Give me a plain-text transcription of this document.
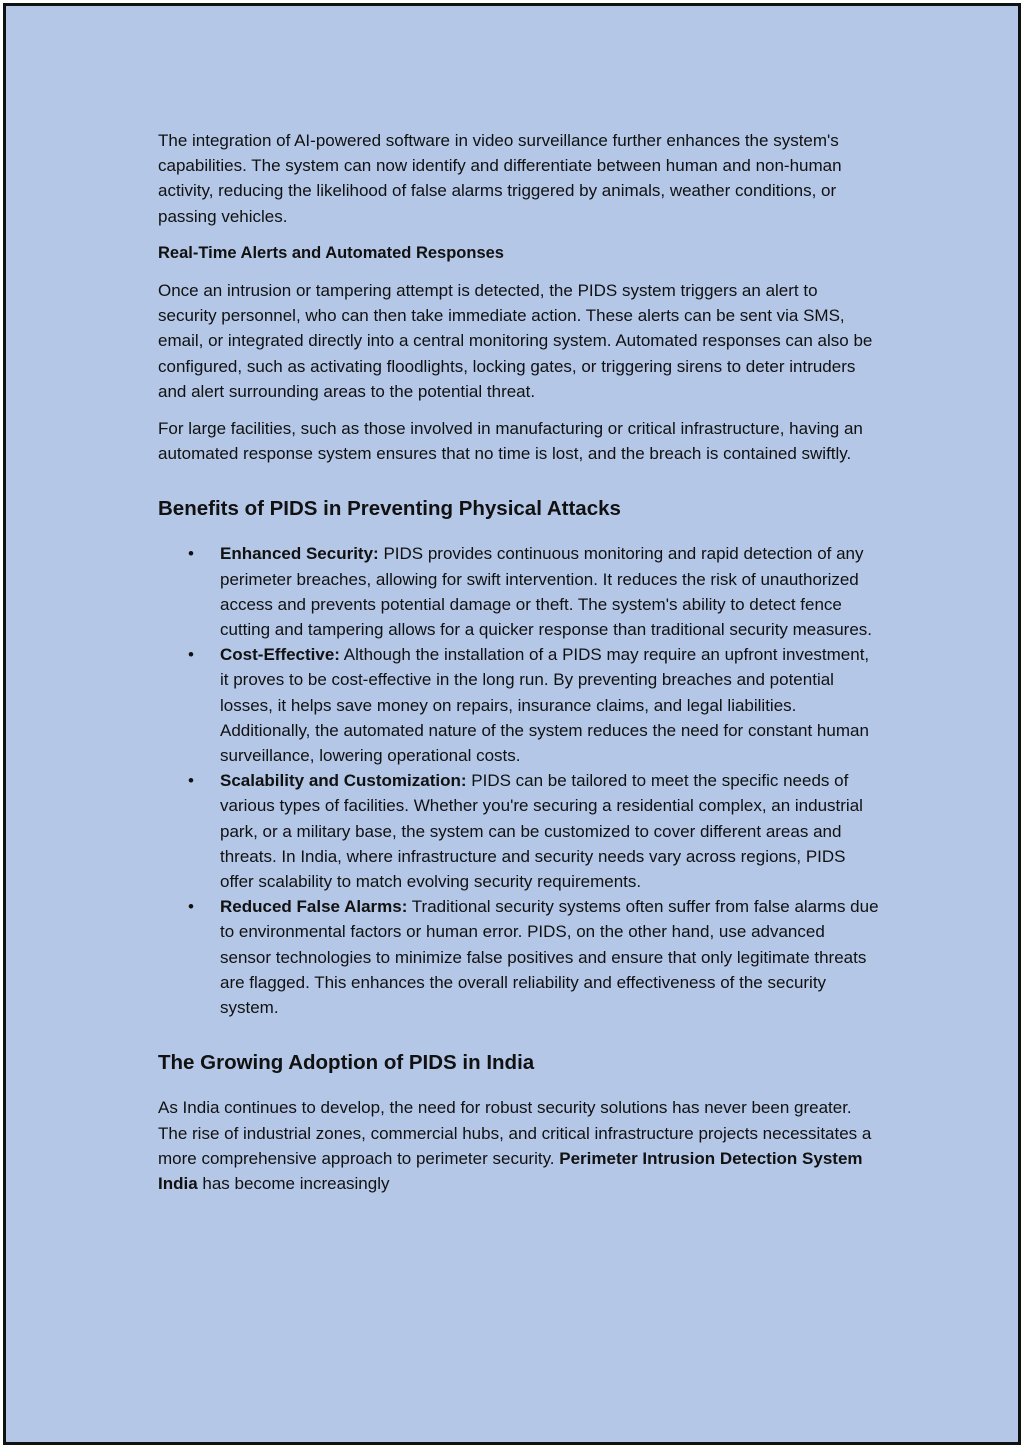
The integration of AI-powered software in video surveillance further enhances the system's capabilities. The system can now identify and differentiate between human and non-human activity, reducing the likelihood of false alarms triggered by animals, weather conditions, or passing vehicles.

Real-Time Alerts and Automated Responses

Once an intrusion or tampering attempt is detected, the PIDS system triggers an alert to security personnel, who can then take immediate action. These alerts can be sent via SMS, email, or integrated directly into a central monitoring system. Automated responses can also be configured, such as activating floodlights, locking gates, or triggering sirens to deter intruders and alert surrounding areas to the potential threat.

For large facilities, such as those involved in manufacturing or critical infrastructure, having an automated response system ensures that no time is lost, and the breach is contained swiftly.

Benefits of PIDS in Preventing Physical Attacks
• Enhanced Security: PIDS provides continuous monitoring and rapid detection of any perimeter breaches, allowing for swift intervention. It reduces the risk of unauthorized access and prevents potential damage or theft. The system's ability to detect fence cutting and tampering allows for a quicker response than traditional security measures.
• Cost-Effective: Although the installation of a PIDS may require an upfront investment, it proves to be cost-effective in the long run. By preventing breaches and potential losses, it helps save money on repairs, insurance claims, and legal liabilities. Additionally, the automated nature of the system reduces the need for constant human surveillance, lowering operational costs.
• Scalability and Customization: PIDS can be tailored to meet the specific needs of various types of facilities. Whether you're securing a residential complex, an industrial park, or a military base, the system can be customized to cover different areas and threats. In India, where infrastructure and security needs vary across regions, PIDS offer scalability to match evolving security requirements.
• Reduced False Alarms: Traditional security systems often suffer from false alarms due to environmental factors or human error. PIDS, on the other hand, use advanced sensor technologies to minimize false positives and ensure that only legitimate threats are flagged. This enhances the overall reliability and effectiveness of the security system.
The Growing Adoption of PIDS in India

As India continues to develop, the need for robust security solutions has never been greater. The rise of industrial zones, commercial hubs, and critical infrastructure projects necessitates a more comprehensive approach to perimeter security. Perimeter Intrusion Detection System India has become increasingly
